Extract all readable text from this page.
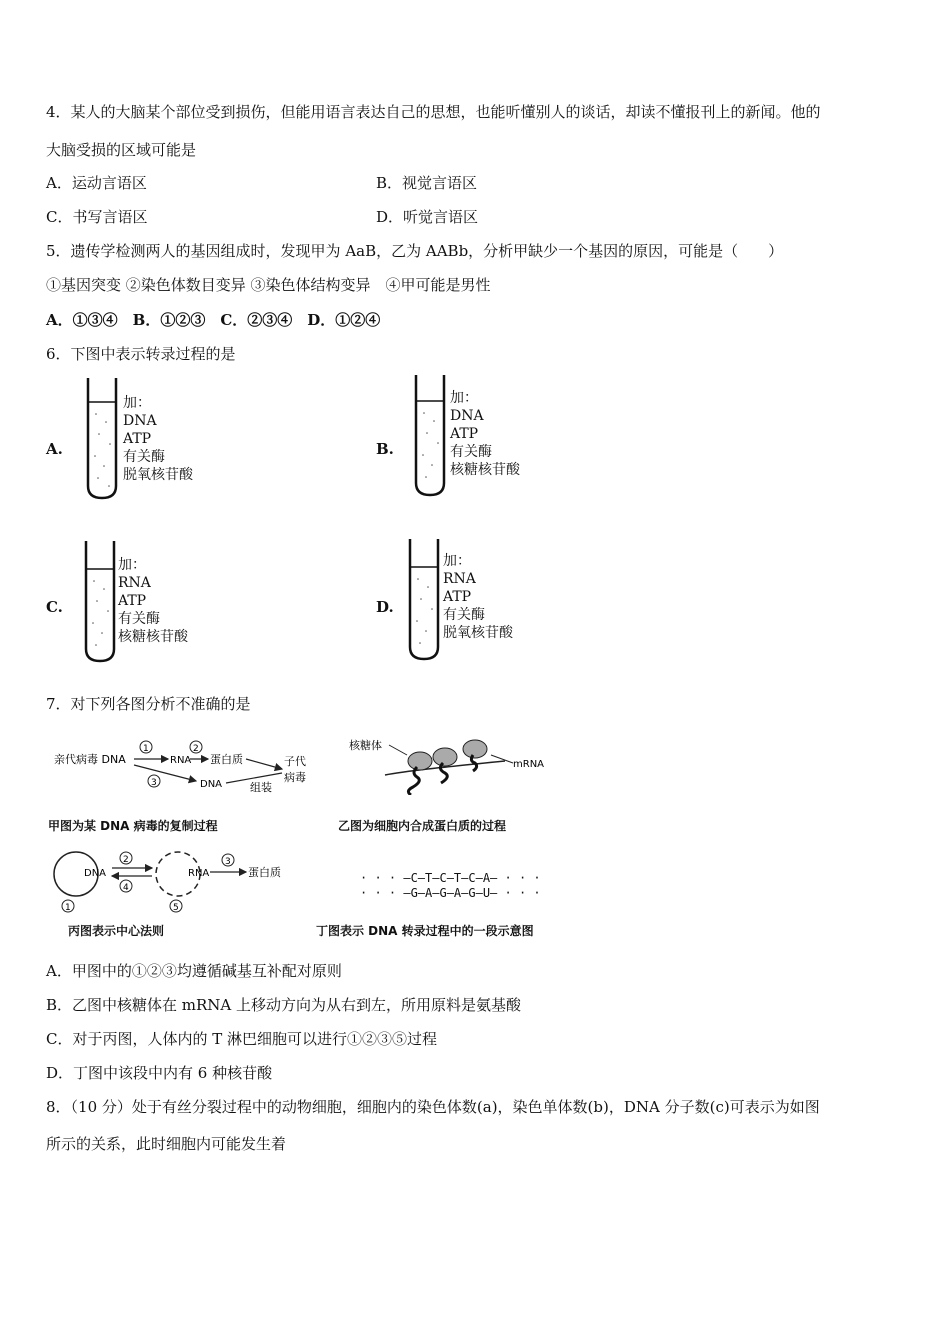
4．某人的大脑某个部位受到损伤，但能用语言表达自己的思想，也能听懂别人的谈话，却读不懂报刊上的新闻。他的
大脑受损的区域可能是
A．运动言语区	B．视觉言语区
C．书写言语区	D．听觉言语区
5．遗传学检测两人的基因组成时，发现甲为 AaB，乙为 AABb，分析甲缺少一个基因的原因，可能是（　　）
①基因突变 ②染色体数目变异 ③染色体结构变异　④甲可能是男性
A．①③④　B．①②③　C．②③④　D．①②④
6．下图中表示转录过程的是
A.
加：
DNA
ATP
有关酶
脱氧核苷酸
B.
加：
DNA
ATP
有关酶
核糖核苷酸
C.
加：
RNA
ATP
有关酶
核糖核苷酸
D.
加：
RNA
ATP
有关酶
脱氧核苷酸
7．对下列各图分析不准确的是
亲代病毒 DNA
1
RNA
2
蛋白质
3	DNA
子代
组装
病毒
甲图为某 DNA 病毒的复制过程
核糖体
mRNA
乙图为细胞内合成蛋白质的过程
1
DNA
2
4
5
RNA
3
蛋白质
丙图表示中心法则
· · · —C—T—C—T—C—A— · · ·
· · · —G—A—G—A—G—U— · · ·
丁图表示 DNA 转录过程中的一段示意图
A．甲图中的①②③均遵循碱基互补配对原则
B．乙图中核糖体在 mRNA 上移动方向为从右到左，所用原料是氨基酸
C．对于丙图，人体内的 T 淋巴细胞可以进行①②③⑤过程
D．丁图中该段中内有 6 种核苷酸
8．（10 分）处于有丝分裂过程中的动物细胞，细胞内的染色体数(a)，染色单体数(b)，DNA 分子数(c)可表示为如图
所示的关系，此时细胞内可能发生着
